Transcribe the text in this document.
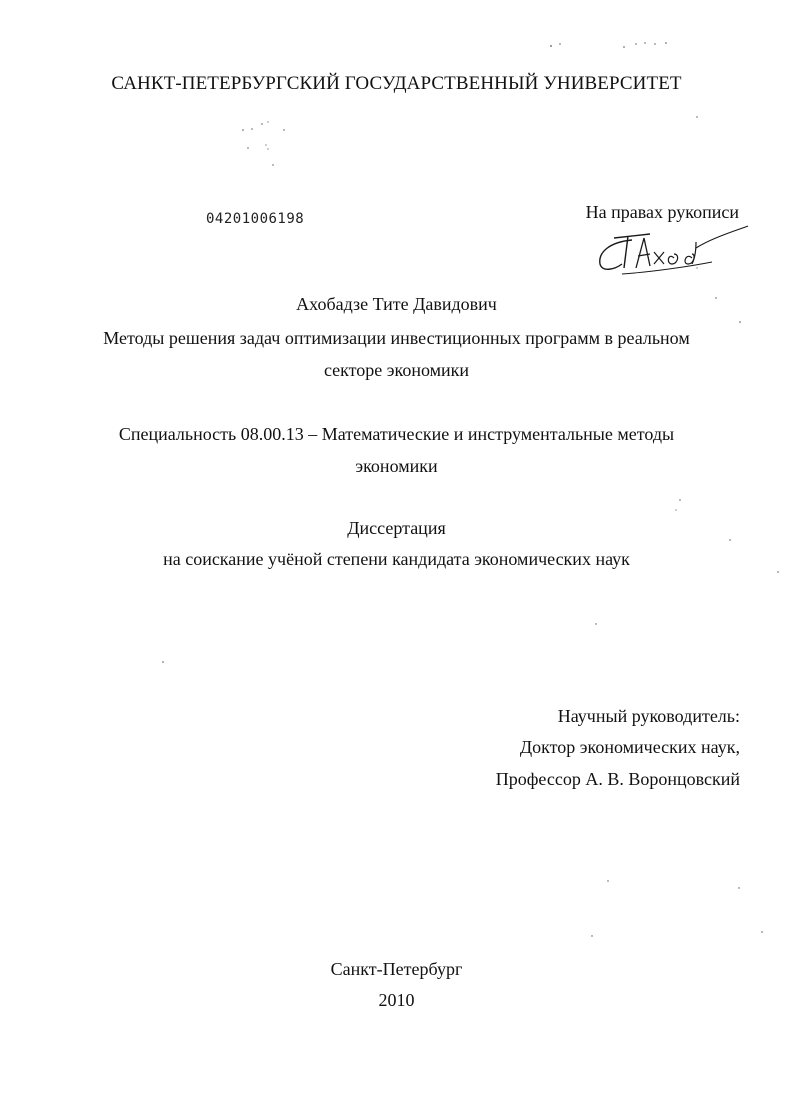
САНКТ-ПЕТЕРБУРГСКИЙ ГОСУДАРСТВЕННЫЙ УНИВЕРСИТЕТ
04201006198	На правах рукописи
Ахобадзе Тите Давидович
Методы решения задач оптимизации инвестиционных программ в реальном
секторе экономики
Специальность 08.00.13 – Математические и инструментальные методы
экономики
Диссертация
на соискание учёной степени кандидата экономических наук
Научный руководитель:
Доктор экономических наук,
Профессор А. В. Воронцовский
Санкт-Петербург
2010
